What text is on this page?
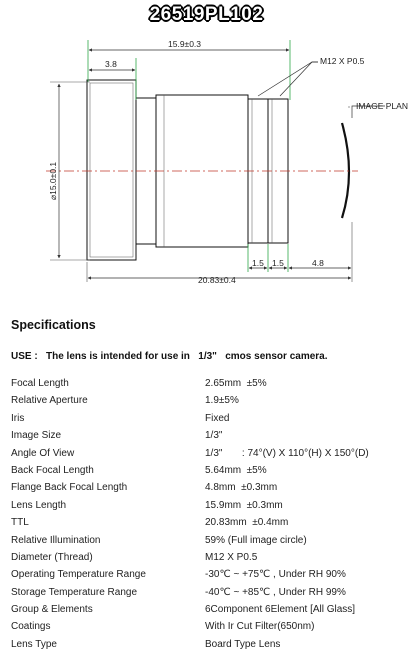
26519PL102
15.9±0.3
3.8	M12 X P0.5
IMAGE PLAN
⌀15.0±0.1
20.83±0.4
1.5 1.5	4.8
Specifications
USE :   The lens is intended for use in   1/3"   cmos sensor camera.
Focal Length	2.65mm  ±5%
Relative Aperture	1.9±5%
Iris	Fixed
Image Size	1/3"
Angle Of View	1/3"       : 74°(V) X 110°(H) X 150°(D)
Back Focal Length	5.64mm  ±5%
Flange Back Focal Length	4.8mm  ±0.3mm
Lens Length	15.9mm  ±0.3mm
TTL	20.83mm  ±0.4mm
Relative Illumination	59% (Full image circle)
Diameter (Thread)	M12 X P0.5
Operating Temperature Range	-30℃ ~ +75℃ , Under RH 90%
Storage Temperature Range	-40℃ ~ +85℃ , Under RH 99%
Group & Elements	6Component 6Element [All Glass]
Coatings	With Ir Cut Filter(650nm)
Lens Type	Board Type Lens
